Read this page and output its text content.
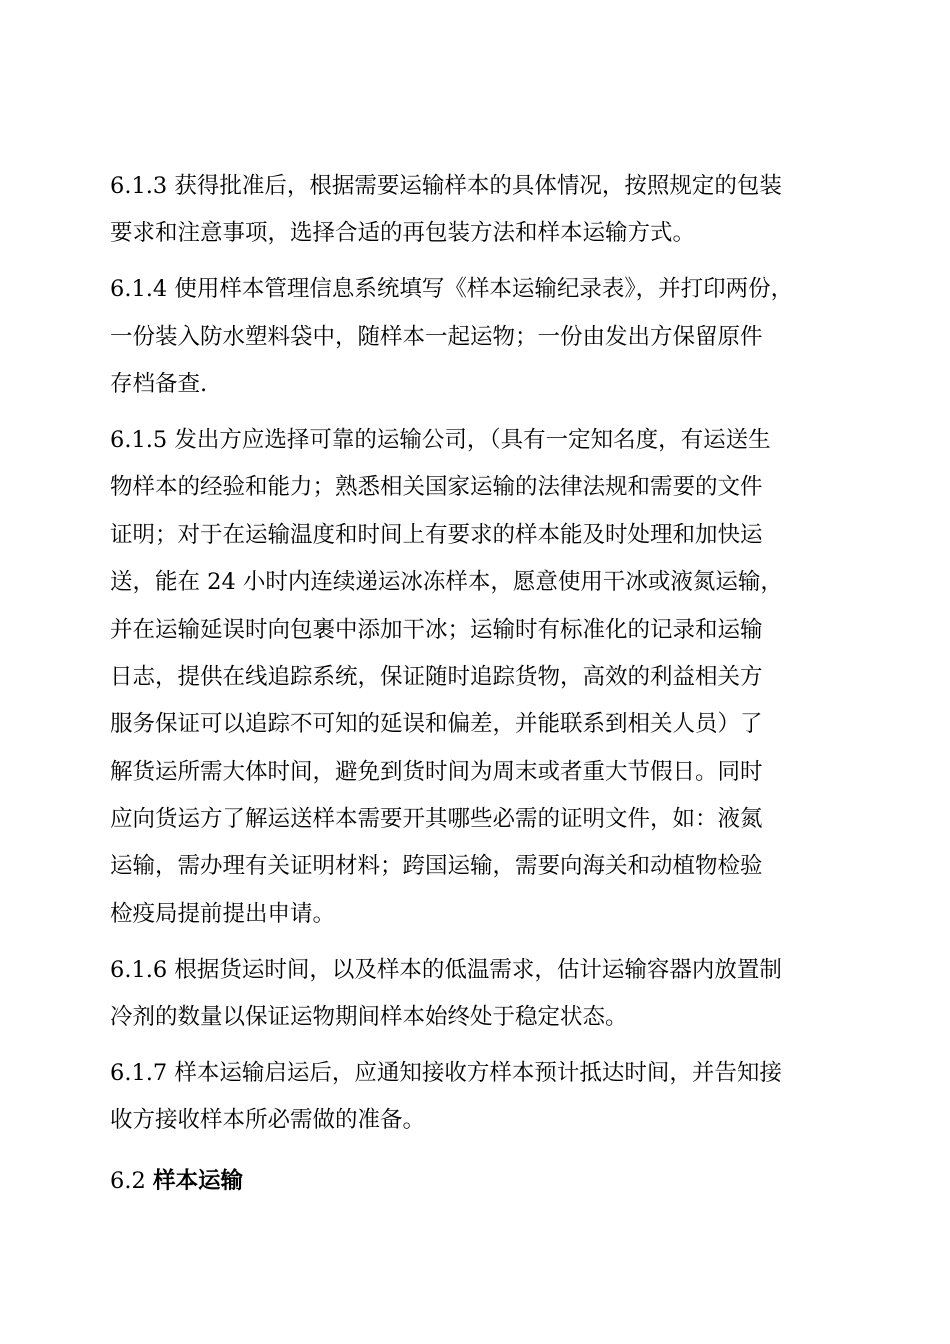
6.1.3 获得批准后，根据需要运输样本的具体情况，按照规定的包装
要求和注意事项，选择合适的再包装方法和样本运输方式。
6.1.4 使用样本管理信息系统填写《样本运输纪录表》，并打印两份，
一份装入防水塑料袋中，随样本一起运物；一份由发出方保留原件
存档备查.
6.1.5 发出方应选择可靠的运输公司，（具有一定知名度，有运送生
物样本的经验和能力；熟悉相关国家运输的法律法规和需要的文件
证明；对于在运输温度和时间上有要求的样本能及时处理和加快运
送，能在 24 小时内连续递运冰冻样本，愿意使用干冰或液氮运输，
并在运输延误时向包裹中添加干冰；运输时有标准化的记录和运输
日志，提供在线追踪系统，保证随时追踪货物，高效的利益相关方
服务保证可以追踪不可知的延误和偏差，并能联系到相关人员）了
解货运所需大体时间，避免到货时间为周末或者重大节假日。同时
应向货运方了解运送样本需要开其哪些必需的证明文件，如：液氮
运输，需办理有关证明材料；跨国运输，需要向海关和动植物检验
检疫局提前提出申请。
6.1.6 根据货运时间，以及样本的低温需求，估计运输容器内放置制
冷剂的数量以保证运物期间样本始终处于稳定状态。
6.1.7 样本运输启运后，应通知接收方样本预计抵达时间，并告知接
收方接收样本所必需做的准备。
6.2 样本运输
